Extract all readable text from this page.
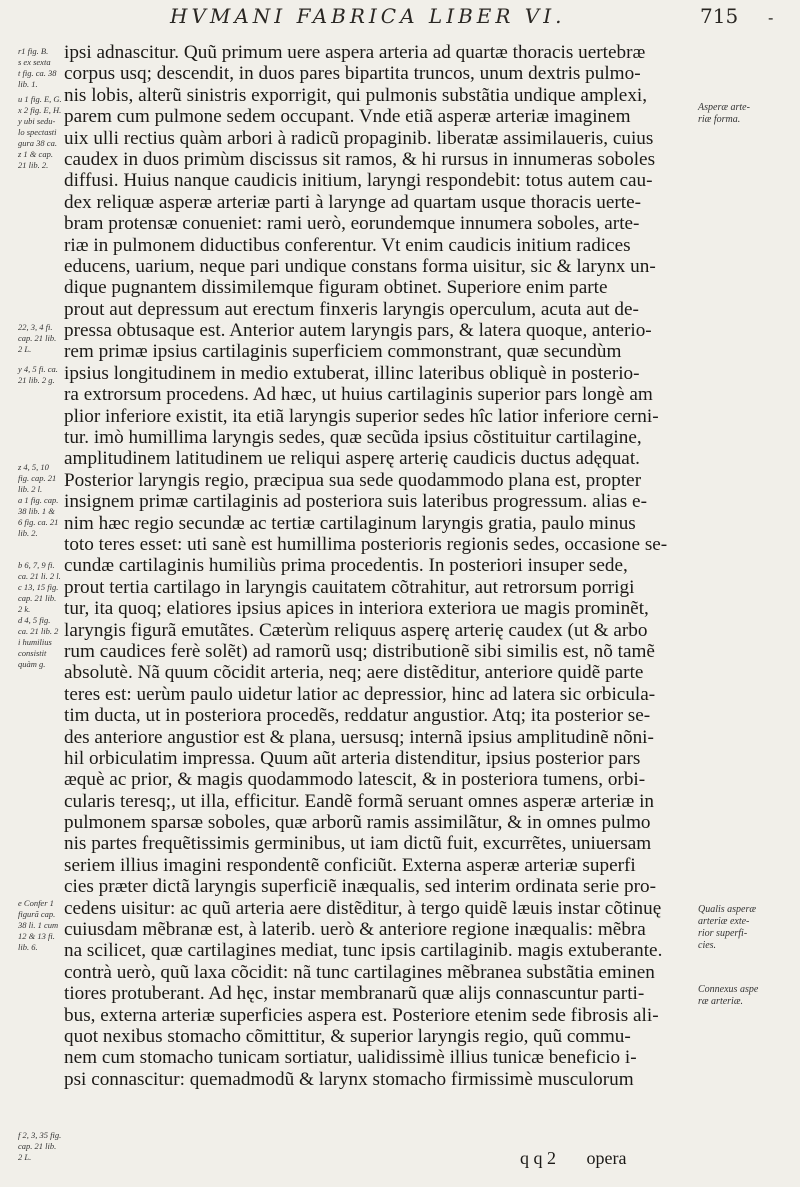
HVMANI FABRICA LIBER VI.	715 -
ipsi adnascitur. Quũ primum uere aspera arteria ad quartæ thoracis uertebræ
corpus usq; descendit, in duos pares bipartita truncos, unum dextris pulmo-
nis lobis, alterũ sinistris exporrigit, qui pulmonis substãtia undique amplexi,
parem cum pulmone sedem occupant. Vnde etiã asperæ arteriæ imaginem
uix ulli rectius quàm arbori à radicũ propaginib. liberatæ assimilaueris, cuius
caudex in duos primùm discissus sit ramos, & hi rursus in innumeras soboles
diffusi. Huius nanque caudicis initium, laryngi respondebit: totus autem cau-
dex reliquæ asperæ arteriæ parti à larynge ad quartam usque thoracis uerte-
bram protensæ conueniet: rami uerò, eorundemque innumera soboles, arte-
riæ in pulmonem diductibus conferentur. Vt enim caudicis initium radices
educens, uarium, neque pari undique constans forma uisitur, sic & larynx un-
dique pugnantem dissimilemque figuram obtinet. Superiore enim parte
prout aut depressum aut erectum finxeris laryngis operculum, acuta aut de-
pressa obtusaque est. Anterior autem laryngis pars, & latera quoque, anterio-
rem primæ ipsius cartilaginis superficiem commonstrant, quæ secundùm
ipsius longitudinem in medio extuberat, illinc lateribus obliquè in posterio-
ra extrorsum procedens. Ad hæc, ut huius cartilaginis superior pars longè am
plior inferiore existit, ita etiã laryngis superior sedes hîc latior inferiore cerni-
tur. imò humillima laryngis sedes, quæ secũda ipsius cõstituitur cartilagine,
amplitudinem latitudinem ue reliqui asperę arterię caudicis ductus adęquat.
Posterior laryngis regio, præcipua sua sede quodammodo plana est, propter
insignem primæ cartilaginis ad posteriora suis lateribus progressum. alias e-
nim hæc regio secundæ ac tertiæ cartilaginum laryngis gratia, paulo minus
toto teres esset: uti sanè est humillima posterioris regionis sedes, occasione se-
cundæ cartilaginis humiliùs prima procedentis. In posteriori insuper sede,
prout tertia cartilago in laryngis cauitatem cõtrahitur, aut retrorsum porrigi
tur, ita quoq; elatiores ipsius apices in interiora exteriora ue magis prominẽt,
laryngis figurã emutãtes. Cæterùm reliquus asperę arterię caudex (ut & arbo
rum caudices ferè solẽt) ad ramorũ usq; distributionẽ sibi similis est, nõ tamẽ
absolutè. Nã quum cõcidit arteria, neq; aere distẽditur, anteriore quidẽ parte
teres est: uerùm paulo uidetur latior ac depressior, hinc ad latera sic orbicula-
tim ducta, ut in posteriora procedẽs, reddatur angustior. Atq; ita posterior se-
des anteriore angustior est & plana, uersusq; internã ipsius amplitudinẽ nõni-
hil orbiculatim impressa. Quum aũt arteria distenditur, ipsius posterior pars
æquè ac prior, & magis quodammodo latescit, & in posteriora tumens, orbi-
cularis teresq;, ut illa, efficitur. Eandẽ formã seruant omnes asperæ arteriæ in
pulmonem sparsæ soboles, quæ arborũ ramis assimilãtur, & in omnes pulmo
nis partes frequẽtissimis germinibus, ut iam dictũ fuit, excurrẽtes, uniuersam
seriem illius imagini respondentẽ conficiũt. Externa asperæ arteriæ superfi
cies præter dictã laryngis superficiẽ inæqualis, sed interim ordinata serie pro-
cedens uisitur: ac quũ arteria aere distẽditur, à tergo quidẽ læuis instar cõtinuę
cuiusdam mẽbranæ est, à laterib. uerò & anteriore regione inæqualis: mẽbra
na scilicet, quæ cartilagines mediat, tunc ipsis cartilaginib. magis extuberante.
contrà uerò, quũ laxa cõcidit: nã tunc cartilagines mẽbranea substãtia eminen
tiores protuberant. Ad hęc, instar membranarũ quæ alijs connascuntur parti-
bus, externa arteriæ superficies aspera est. Posteriore etenim sede fibrosis ali-
quot nexibus stomacho cõmittitur, & superior laryngis regio, quũ commu-
nem cum stomacho tunicam sortiatur, ualidissimè illius tunicæ beneficio i-
psi connascitur: quemadmodũ & larynx stomacho firmissimè musculorum
r1 fig. B.
s ex sexta
t fig. ca. 38
lib. 1.
u 1 fig. E, G.
x 2 fig. E, H.
y ubi sedu-
lo spectasti
gura 38 ca.
z 1 & cap.
21 lib. 2.
22, 3, 4 fi.
cap. 21 lib.
2 L.
y 4, 5 fi. ca.
21 lib. 2 g.
z 4, 5, 10
fig. cap. 21
lib. 2 l.
a 1 fig. cap.
38 lib. 1 &
6 fig. ca. 21
lib. 2.
b 6, 7, 9 fi.
ca. 21 li. 2 l.
c 13, 15 fig.
cap. 21 lib.
2 k.
d 4, 5 fig.
ca. 21 lib. 2
i humilius
consistit
quàm g.
e Confer 1
figurã cap.
38 li. 1 cum
12 & 13 fi.
lib. 6.
f 2, 3, 35 fig.
cap. 21 lib.
2 L.
Asperæ arte-
riæ forma.
Qualis asperæ
arteriæ exte-
rior superfi-
cies.
Connexus aspe
ræ arteriæ.
q q 2 opera
